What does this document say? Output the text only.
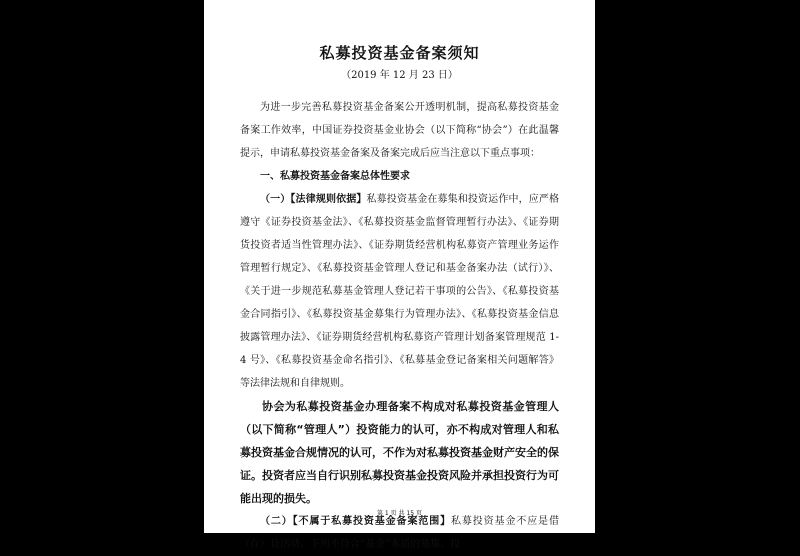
私募投资基金备案须知
（2019 年 12 月 23 日）

为进一步完善私募投资基金备案公开透明机制，提高私募投资基金备案工作效率，中国证券投资基金业协会（以下简称“协会”）在此温馨提示，申请私募投资基金备案及备案完成后应当注意以下重点事项：

一、私募投资基金备案总体性要求

（一）【法律规则依据】私募投资基金在募集和投资运作中，应严格遵守《证券投资基金法》、《私募投资基金监督管理暂行办法》、《证券期货投资者适当性管理办法》、《证券期货经营机构私募资产管理业务运作管理暂行规定》、《私募投资基金管理人登记和基金备案办法（试行）》、《关于进一步规范私募基金管理人登记若干事项的公告》、《私募投资基金合同指引》、《私募投资基金募集行为管理办法》、《私募投资基金信息披露管理办法》、《证券期货经营机构私募资产管理计划备案管理规范 1-4 号》、《私募投资基金命名指引》、《私募基金登记备案相关问题解答》等法律法规和自律规则。

协会为私募投资基金办理备案不构成对私募投资基金管理人（以下简称“管理人”）投资能力的认可，亦不构成对管理人和私募投资基金合规情况的认可，不作为对私募投资基金财产安全的保证。投资者应当自行识别私募投资基金投资风险并承担投资行为可能出现的损失。

（二）【不属于私募投资基金备案范围】私募投资基金不应是借（存）贷活动。下列不符合“基金”本质的募集、投

第 1 页 共 15 页
